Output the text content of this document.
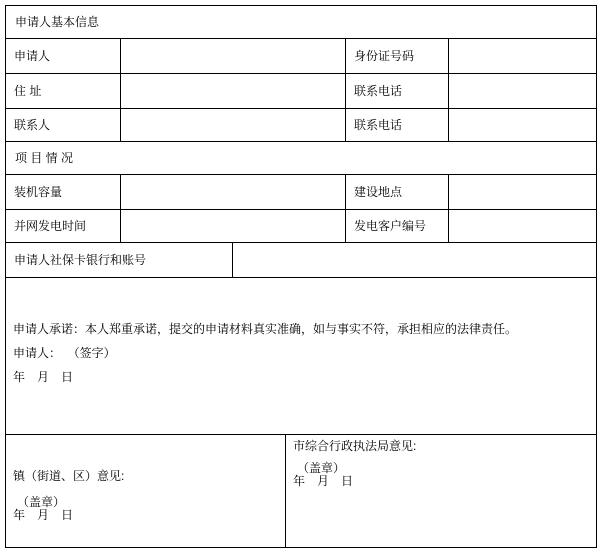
申请人基本信息
申请人	身份证号码
住 址	联系电话
联系人	联系电话
项 目 情 况
装机容量	建设地点
并网发电时间	发电客户编号
申请人社保卡银行和账号

申请人承诺：本人郑重承诺，提交的申请材料真实准确，如与事实不符，承担相应的法律责任。

申请人：  （签字）

年　月　日

镇（街道、区）意见:

（盖章）

年　月　日

市综合行政执法局意见:

（盖章）

年　月　日
